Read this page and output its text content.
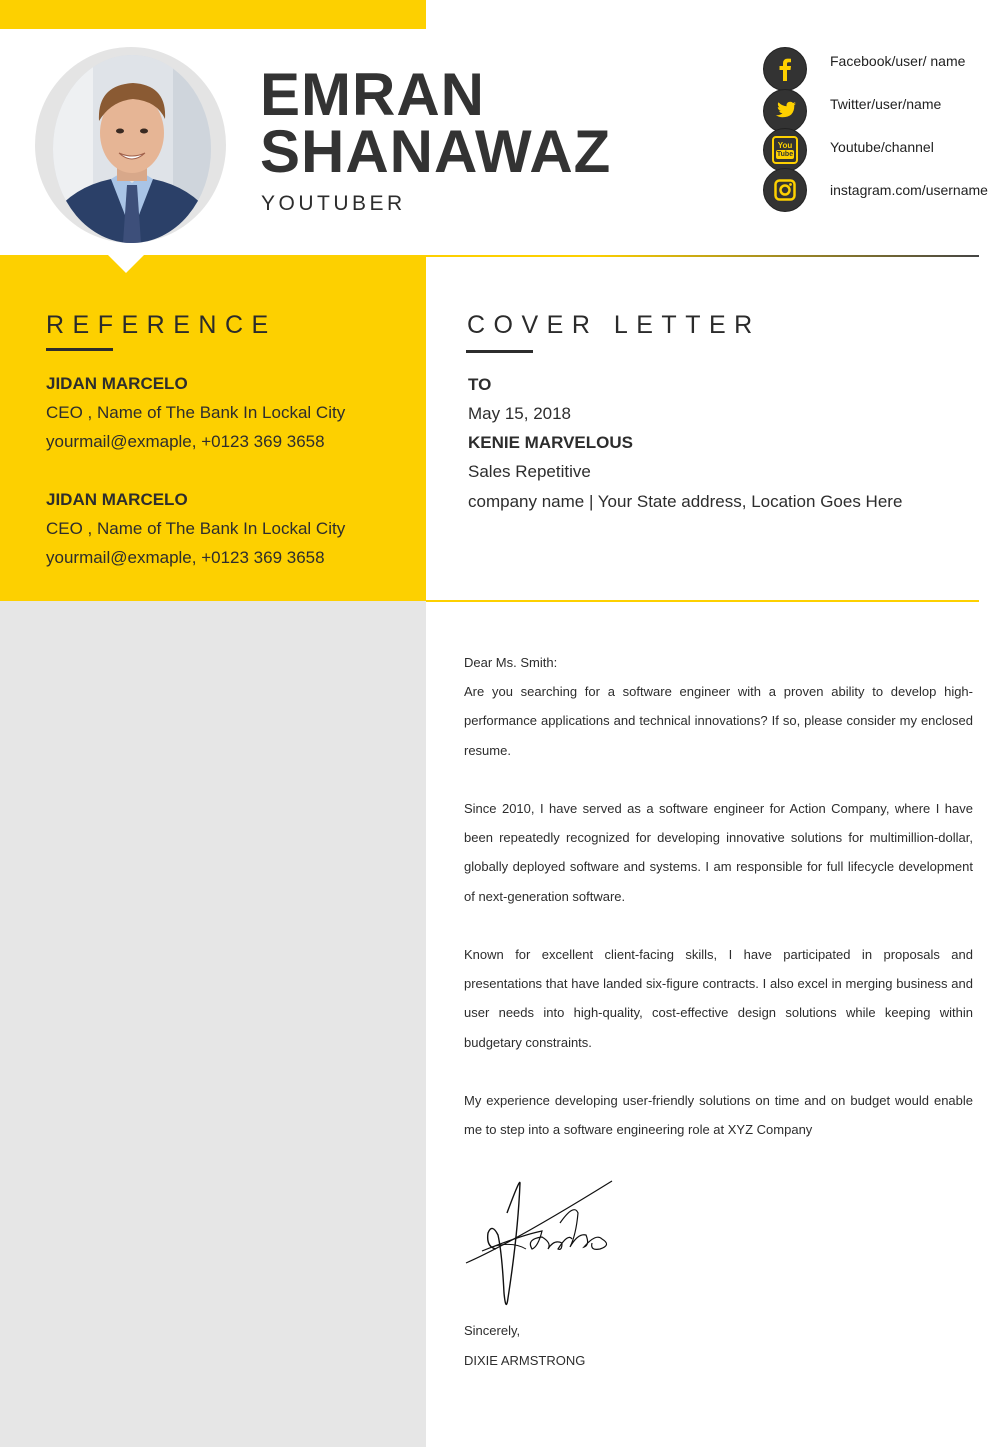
EMRAN
SHANAWAZ
YOUTUBER
Facebook/user/ name
Twitter/user/name
You
Tube	Youtube/channel
instagram.com/username
REFERENCE
JIDAN MARCELO
CEO , Name of The Bank In Lockal City
yourmail@exmaple, +0123 369 3658
JIDAN MARCELO
CEO , Name of The Bank In Lockal City
yourmail@exmaple, +0123 369 3658
COVER LETTER
TO
May 15, 2018
KENIE MARVELOUS
Sales Repetitive
company name | Your State address, Location Goes Here

Dear Ms. Smith:

Are you searching for a software engineer with a proven ability to develop high-performance applications and technical innovations? If so, please consider my enclosed resume.

Since 2010, I have served as a software engineer for Action Company, where I have been repeatedly recognized for developing innovative solutions for multimillion-dollar, globally deployed software and systems. I am responsible for full lifecycle development of next-generation software.

Known for excellent client-facing skills, I have participated in proposals and presentations that have landed six-figure contracts. I also excel in merging business and user needs into high-quality, cost-effective design solutions while keeping within budgetary constraints.

My experience developing user-friendly solutions on time and on budget would enable me to step into a software engineering role at XYZ Company

Sincerely,
DIXIE ARMSTRONG
